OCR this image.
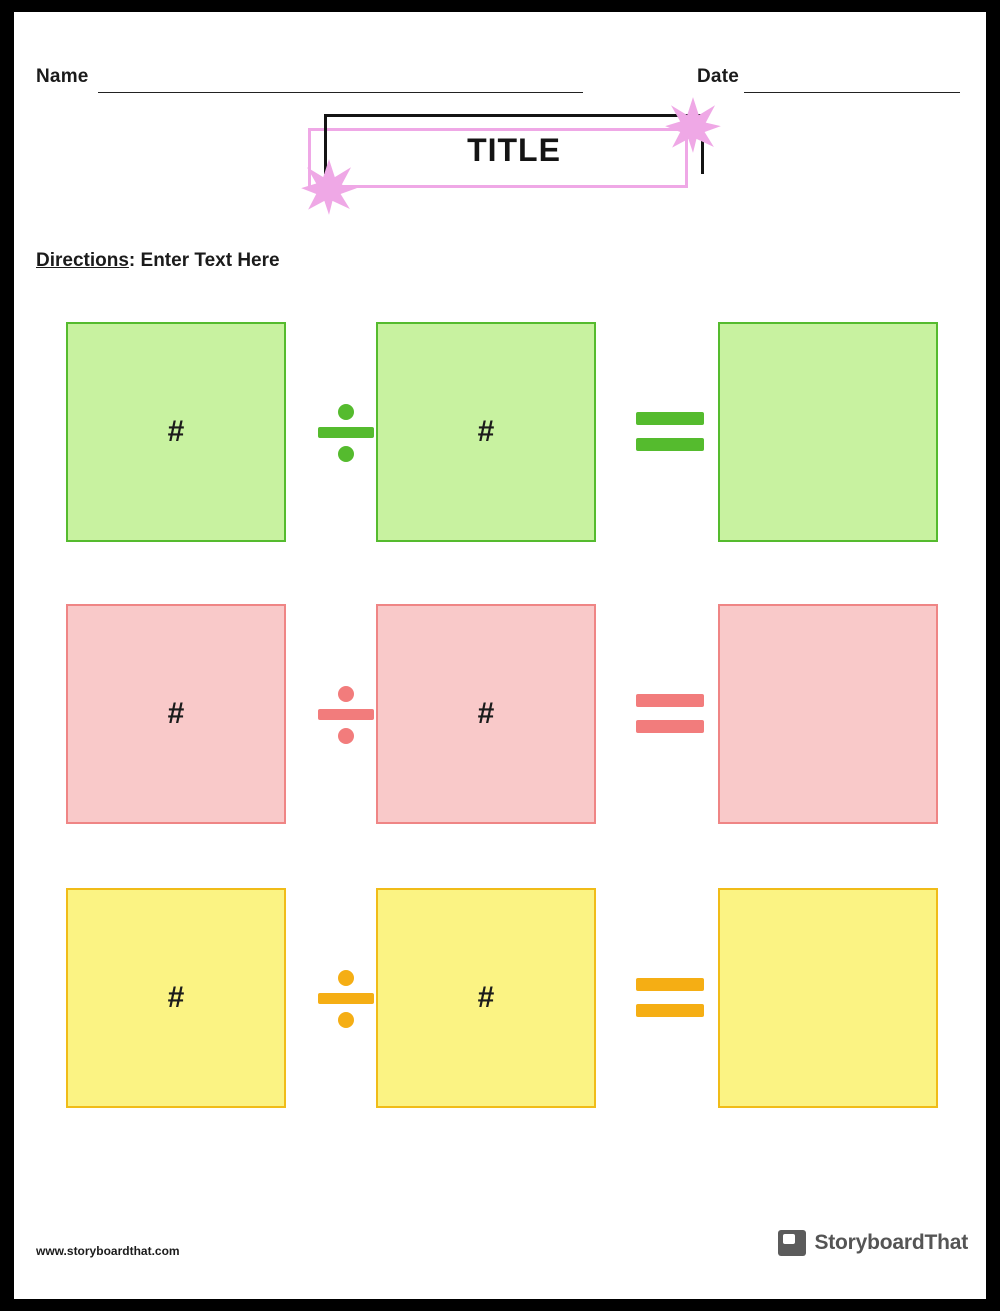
Name	Date
TITLE
Directions: Enter Text Here
#	#
#	#
#	#
www.storyboardthat.com	StoryboardThat
